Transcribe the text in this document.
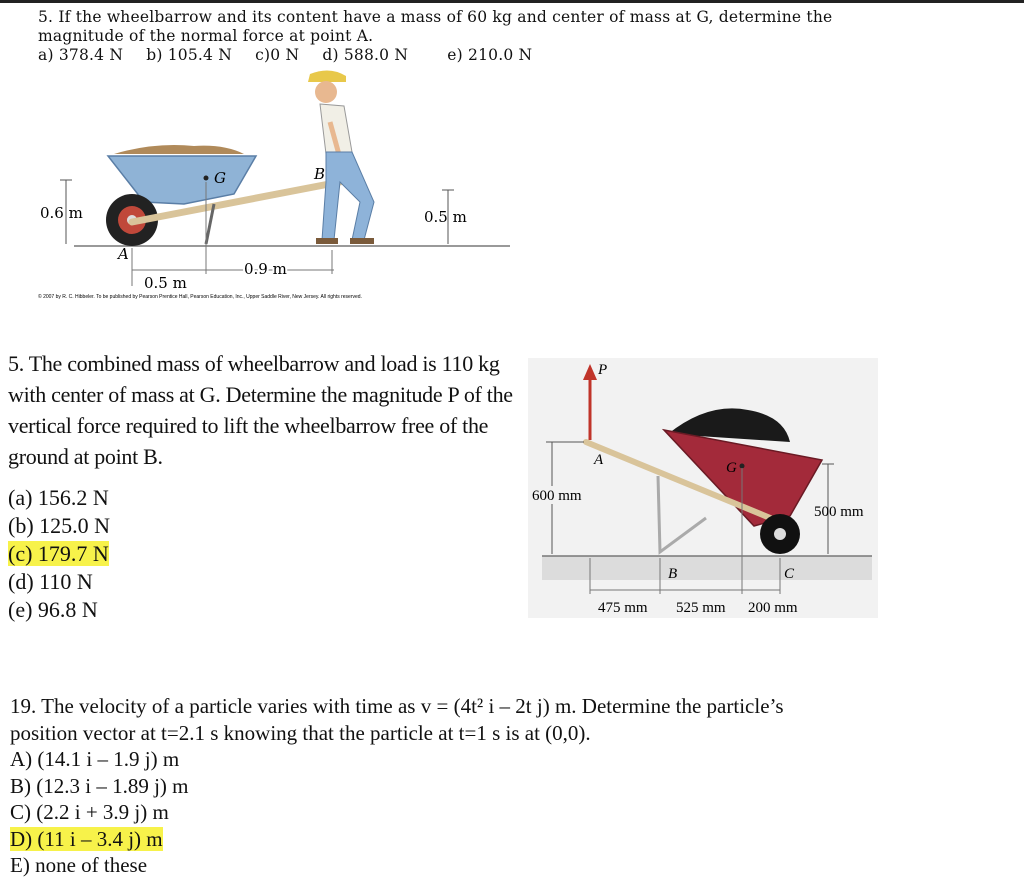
5. If the wheelbarrow and its content have a mass of 60 kg and center of mass at G, determine the
magnitude of the normal force at point A.
a) 378.4 N b) 105.4 N c)0 N d) 588.0 N	e) 210.0 N
G	B
A
0.6 m	0.5 m
0.5 m
0.9 m
© 2007 by R. C. Hibbeler. To be published by Pearson Prentice Hall, Pearson Education, Inc., Upper Saddle River, New Jersey. All rights reserved.
5. The combined mass of wheelbarrow and load is 110 kg
with center of mass at G. Determine the magnitude P of the
vertical force required to lift the wheelbarrow free of the
ground at point B.
(a) 156.2 N
(b) 125.0 N
(c) 179.7 N
(d) 110 N
(e) 96.8 N
P
A	G
B	C
600 mm
500 mm
475 mm 525 mm 200 mm
19. The velocity of a particle varies with time as v = (4t² i – 2t j) m. Determine the particle’s
position vector at t=2.1 s knowing that the particle at t=1 s is at (0,0).
A) (14.1 i – 1.9 j) m
B) (12.3 i – 1.89 j) m
C) (2.2 i + 3.9 j) m
D) (11 i – 3.4 j) m
E) none of these
